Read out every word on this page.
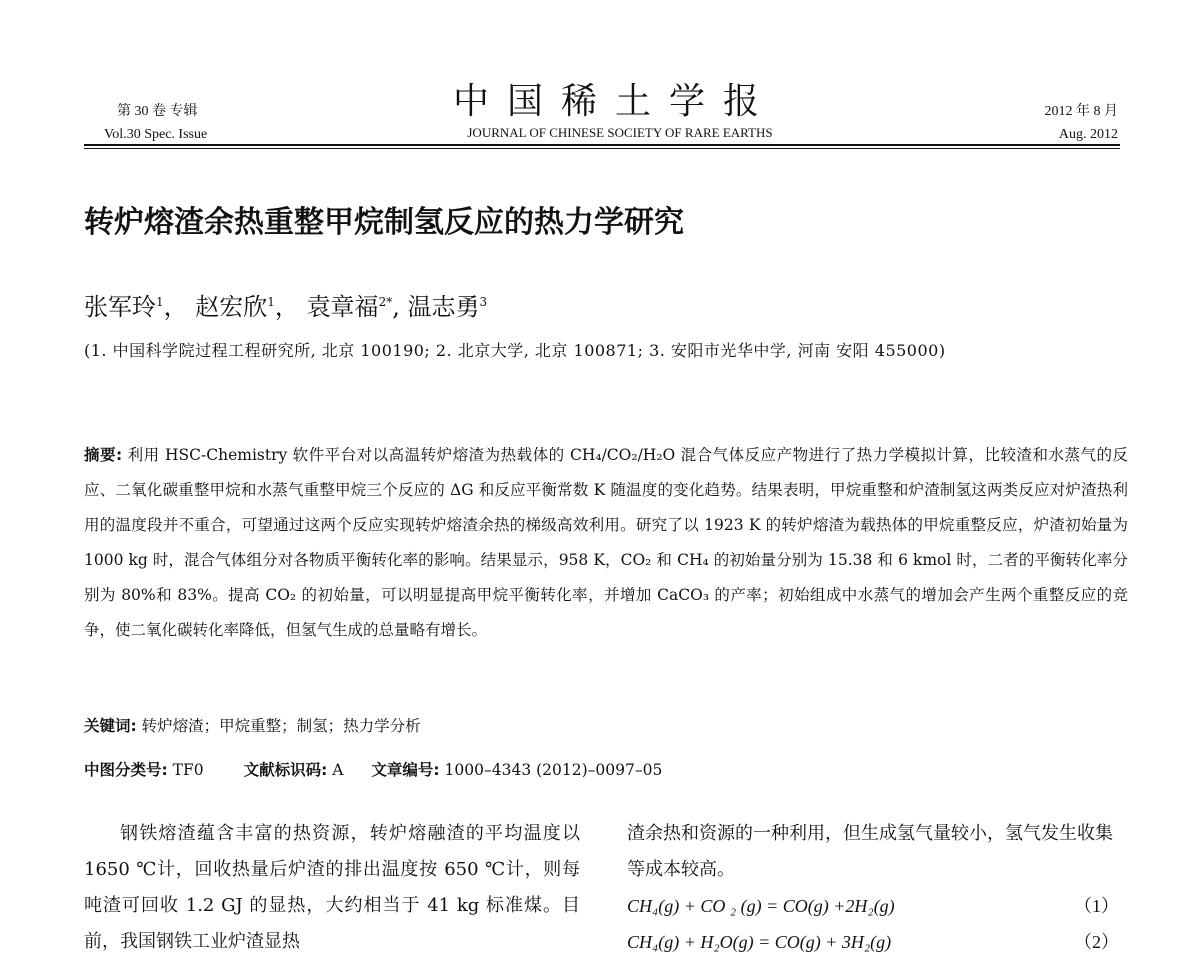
第 30 卷 专辑
Vol.30 Spec. Issue
中国稀土学报
JOURNAL OF CHINESE SOCIETY OF RARE EARTHS
2012 年 8 月
Aug. 2012
转炉熔渣余热重整甲烷制氢反应的热力学研究
张军玲$^1$， 赵宏欣$^1$， 袁章福$^{2*}$, 温志勇$^3$
(1. 中国科学院过程工程研究所, 北京 100190; 2. 北京大学, 北京 100871; 3. 安阳市光华中学, 河南 安阳 455000)
摘要: 利用 HSC-Chemistry 软件平台对以高温转炉熔渣为热载体的 CH₄/CO₂/H₂O 混合气体反应产物进行了热力学模拟计算，比较渣和水蒸气的反应、二氧化碳重整甲烷和水蒸气重整甲烷三个反应的 ΔG 和反应平衡常数 K 随温度的变化趋势。结果表明，甲烷重整和炉渣制氢这两类反应对炉渣热利用的温度段并不重合，可望通过这两个反应实现转炉熔渣余热的梯级高效利用。研究了以 1923 K 的转炉熔渣为载热体的甲烷重整反应，炉渣初始量为 1000 kg 时，混合气体组分对各物质平衡转化率的影响。结果显示，958 K，CO₂ 和 CH₄ 的初始量分别为 15.38 和 6 kmol 时，二者的平衡转化率分别为 80%和 83%。提高 CO₂ 的初始量，可以明显提高甲烷平衡转化率，并增加 CaCO₃ 的产率；初始组成中水蒸气的增加会产生两个重整反应的竞争，使二氧化碳转化率降低，但氢气生成的总量略有增长。
关键词: 转炉熔渣；甲烷重整；制氢；热力学分析
中图分类号: TF0	文献标识码: A 文章编号: 1000–4343 (2012)–0097–05
钢铁熔渣蕴含丰富的热资源，转炉熔融渣的平均温度以 1650 ℃计，回收热量后炉渣的排出温度按 650 ℃计，则每吨渣可回收 1.2 GJ 的显热，大约相当于 41 kg 标准煤。目前，我国钢铁工业炉渣显热
渣余热和资源的一种利用，但生成氢气量较小，氢气发生收集等成本较高。
CH₄(g) + CO ₂ (g) = CO(g) +2H₂(g)	（1）
CH₄(g) + H₂O(g) = CO(g) + 3H₂(g)	（2）
